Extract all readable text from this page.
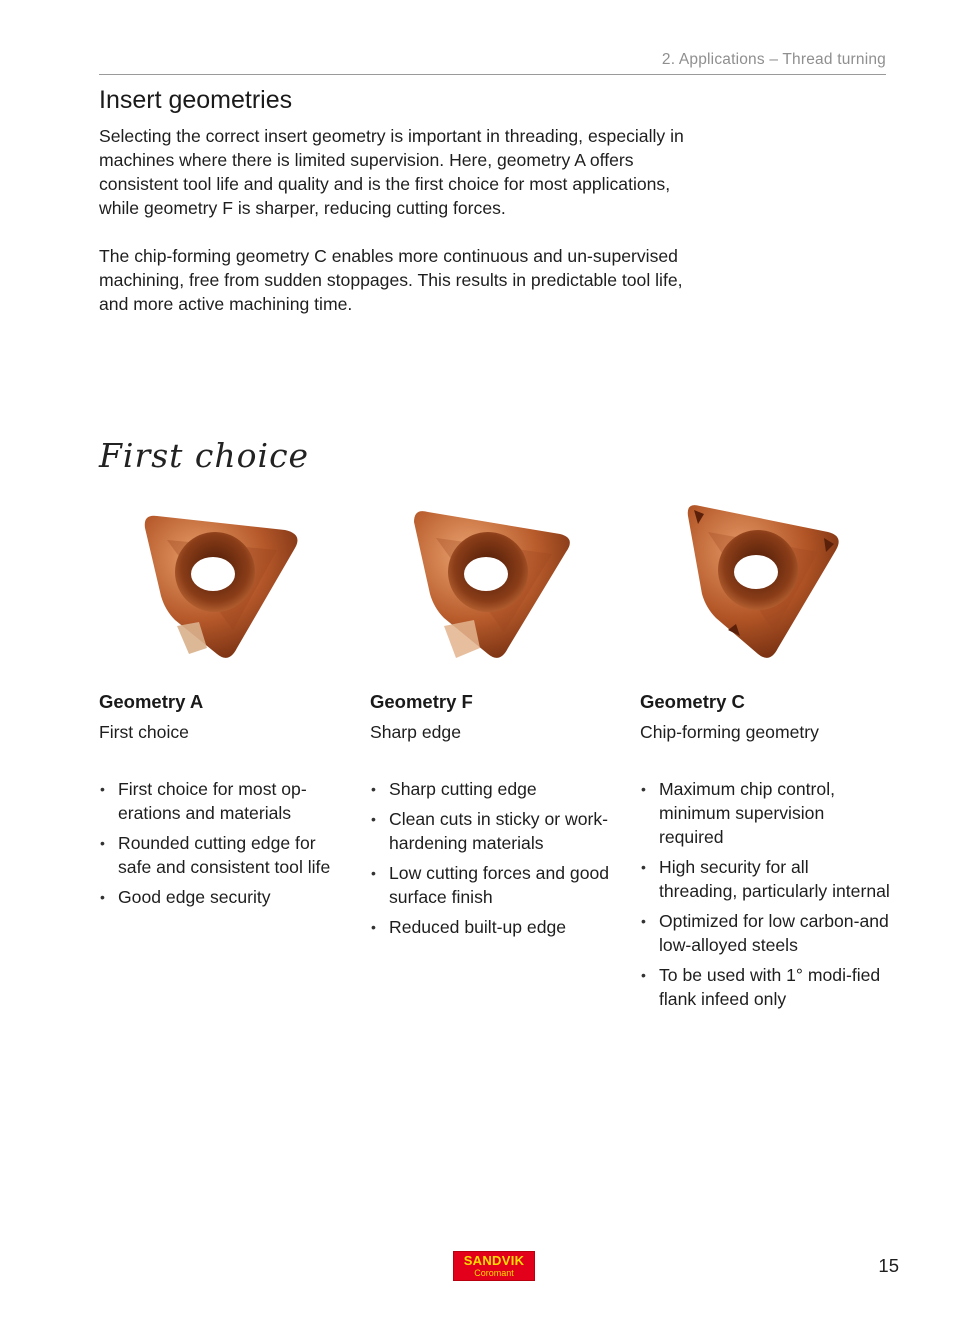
2. Applications – Thread turning
Insert geometries

Selecting the correct insert geometry is important in threading, especially in machines where there is limited supervision. Here, geometry A offers consistent tool life and quality and is the first choice for most applications, while geometry F is sharper, reducing cutting forces.

The chip-forming geometry C enables more continuous and un-supervised machining, free from sudden stoppages. This results in predictable tool life, and more active machining time.

First choice
Geometry A

First choice

• First choice for most op-erations and materials
• Rounded cutting edge for safe and consistent tool life
• Good edge security
Geometry F

Sharp edge

• Sharp cutting edge
• Clean cuts in sticky or work-hardening materials
• Low cutting forces and good surface finish
• Reduced built-up edge
Geometry C

Chip-forming geometry

• Maximum chip control, minimum supervision required
• High security for all threading, particularly internal
• Optimized for low carbon-and low-alloyed steels
• To be used with 1° modi-fied flank infeed only
SANDVIK
Coromant	15
